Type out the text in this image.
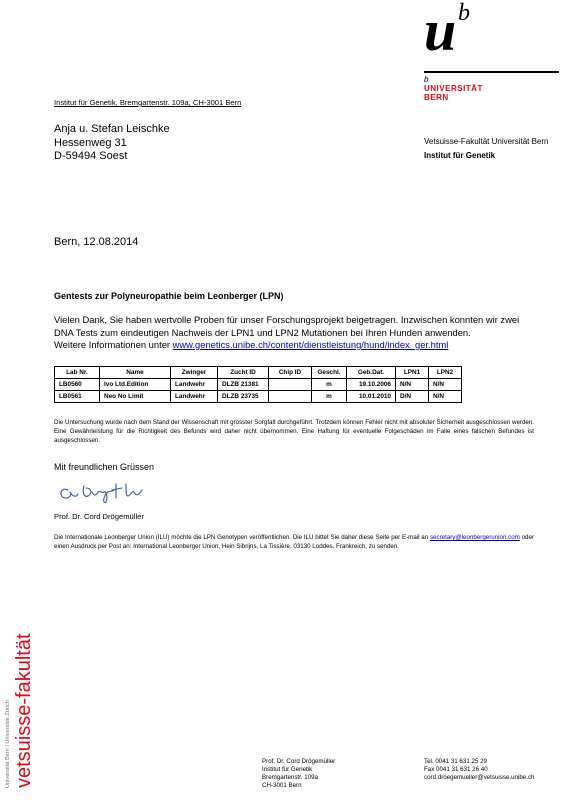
u b
b
UNIVERSITÄT
BERN
Institut für Genetik, Bremgartenstr. 109a, CH-3001 Bern
Anja u. Stefan Leischke
Hessenweg 31
D-59494 Soest
Vetsuisse-Fakultät Universität Bern
Institut für Genetik
Bern, 12.08.2014
Gentests zur Polyneuropathie beim Leonberger (LPN)
Vielen Dank, Sie haben wertvolle Proben für unser Forschungsprojekt beigetragen. Inzwischen konnten wir zwei DNA Tests zum eindeutigen Nachweis der LPN1 und LPN2 Mutationen bei Ihren Hunden anwenden.
Weitere Informationen unter www.genetics.unibe.ch/content/dienstleistung/hund/index_ger.html
Lab Nr.	Name	Zwinger	Zucht ID	Chip ID	Geschl.	Geb.Dat.	LPN1	LPN2
LB0560	Ivo Ltd.Edition	Landwehr	DLZB 21381		m	19.10.2006	N/N	N/N
LB0561	Neo No Limit	Landwehr	DLZB 23735		m	10.01.2010	D/N	N/N
Die Untersuchung wurde nach dem Stand der Wissenschaft mit grösster Sorgfalt durchgeführt. Trotzdem können Fehler nicht mit absoluter Sicherheit ausgeschlossen werden. Eine Gewährleistung für die Richtigkeit des Befunds wird daher nicht übernommen. Eine Haftung für eventuelle Folgeschäden im Falle eines falschen Befundes ist ausgeschlossen.
Mit freundlichen Grüssen
Prof. Dr. Cord Drögemüller
Die Internationale Leonberger Union (ILU) möchte die LPN Genotypen veröffentlichen. Die ILU bittet Sie daher diese Seite per E-mail an secretary@leonbergerunion.com oder einen Ausdruck per Post an: International Leonberger Union, Hein Sibrijns, La Tissière, 03130 Loddes, Frankreich, zu senden.
Universität Bern | Universität Zürich vetsuisse-fakultät	Prof. Dr. Cord Drögemüller
Institut für Genetik
Bremgartenstr. 109a
CH-3001 Bern
Tel. 0041 31 631 25 29
Fax 0041 31 631 26 40
cord.droegemueller@vetsuisse.unibe.ch
